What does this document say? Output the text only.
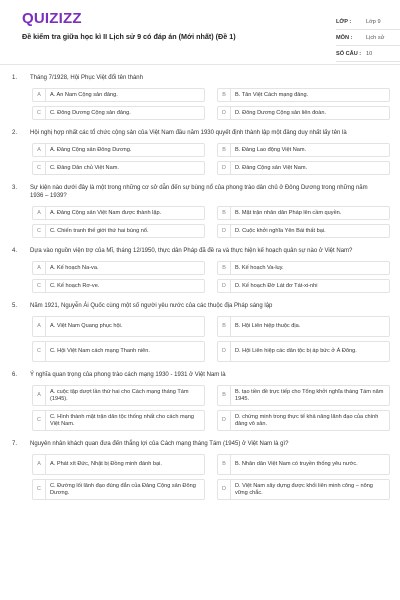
QUIZIZZ
Đề kiểm tra giữa học kì II Lịch sử 9 có đáp án (Mới nhất) (Đề 1)
LỚP :	Lớp 9
MÔN :	Lịch sử
SỐ CÂU : 10
1.	Tháng 7/1928, Hội Phục Việt đổi tên thành
A	A. An Nam Cộng sản đảng.	B	B. Tân Việt Cách mạng đảng.
C	C. Đông Dương Cộng sản đảng.	D	D. Đông Dương Cộng sản liên đoàn.
2.	Hội nghị hợp nhất các tổ chức cộng sản của Việt Nam đầu năm 1930 quyết định thành lập một đảng duy nhất lấy tên là
A	A. Đảng Cộng sản Đông Dương.	B	B. Đảng Lao động Việt Nam.
C	C. Đảng Dân chủ Việt Nam.	D	D. Đảng Cộng sản Việt Nam.
3.	Sự kiện nào dưới đây là một trong những cơ sở dẫn đến sự bùng nổ của phong trào dân chủ ở Đông Dương trong những năm 1936 – 1939?
A	A. Đảng Cộng sản Việt Nam được thành lập.	B	B. Mặt trận nhân dân Pháp lên cầm quyền.
C	C. Chiến tranh thế giới thứ hai bùng nổ.	D	D. Cuộc khởi nghĩa Yên Bái thất bại.
4.	Dựa vào nguồn viện trợ của Mĩ, tháng 12/1950, thực dân Pháp đã đề ra và thực hiện kế hoạch quân sự nào ở Việt Nam?
A	A. Kế hoạch Na-va.	B	B. Kế hoạch Va-luy.
C	C. Kế hoạch Rơ-ve.	D	D. Kế hoạch Đờ Lát đơ Tát-xi-nhi
5.	Năm 1921, Nguyễn Ái Quốc cùng một số người yêu nước của các thuộc địa Pháp sáng lập
A	A. Việt Nam Quang phục hội.	B	B. Hội Liên hiệp thuộc địa.
C	C. Hội Việt Nam cách mạng Thanh niên.	D	D. Hội Liên hiệp các dân tộc bị áp bức ở Á Đông.
6.	Ý nghĩa quan trọng của phong trào cách mạng 1930 - 1931 ở Việt Nam là
A
A. cuộc tập dượt lần thứ hai cho Cách mạng tháng Tám (1945).
B
B. tạo tiền đề trực tiếp cho Tổng khởi nghĩa tháng Tám năm 1945.
C
C. Hình thành mặt trận dân tộc thống nhất cho cách mạng Việt Nam.
D
D. chứng minh trong thực tế khả năng lãnh đạo của chính đảng vô sản.
7.	Nguyên nhân khách quan đưa đến thắng lợi của Cách mạng tháng Tám (1945) ở Việt Nam là gì?
A	A. Phát xít Đức, Nhật bị Đồng minh đánh bại.	B	B. Nhân dân Việt Nam có truyền thống yêu nước.
C
C. Đường lối lãnh đạo đúng đắn của Đảng Cộng sản Đông Dương.
D
D. Việt Nam xây dựng được khối liên minh công – nông vững chắc.
